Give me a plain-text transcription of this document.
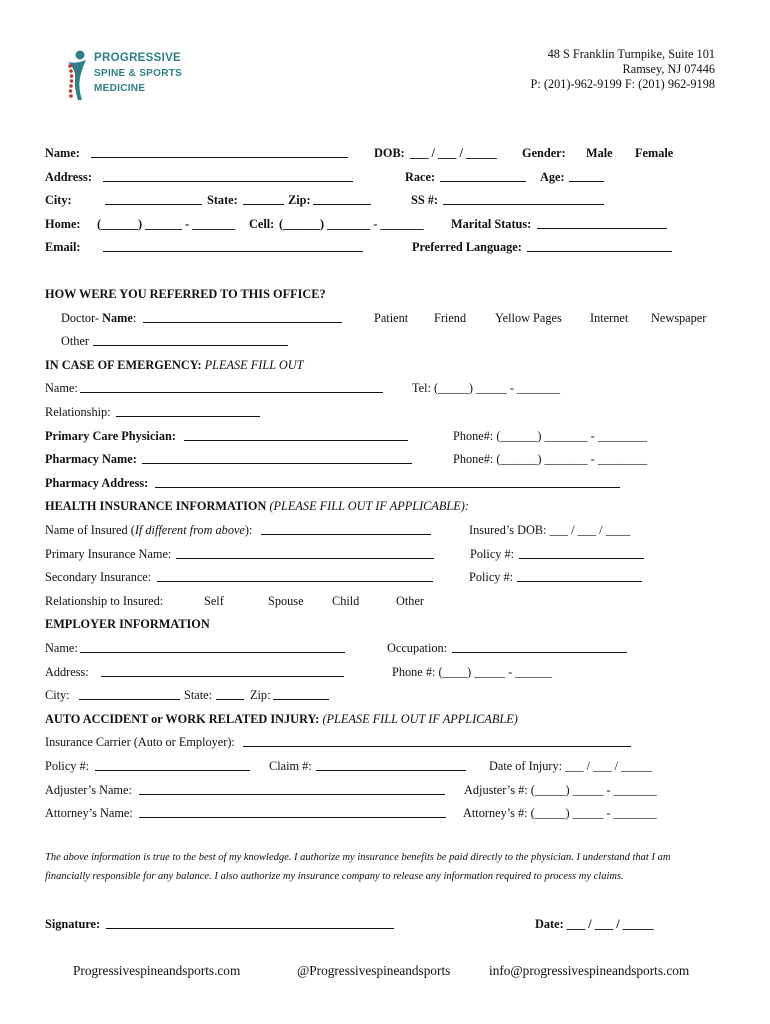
PROGRESSIVE
SPINE & SPORTS
MEDICINE
48 S Franklin Turnpike, Suite 101
Ramsey, NJ 07446
P: (201)-962-9199 F: (201) 962-9198
Name:	DOB: ___ / ___ / _____ Gender: Male Female
Address:	Race:	Age:
City:	State:	Zip:	SS #:
Home: (______) ______ - _______ Cell: (______) _______ - _______ Marital Status:
Email:	Preferred Language:
HOW WERE YOU REFERRED TO THIS OFFICE?
Doctor- Name:	Patient Friend Yellow Pages Internet Newspaper
Other
IN CASE OF EMERGENCY: PLEASE FILL OUT
Name:	Tel: (_____) _____ - _______
Relationship:
Primary Care Physician:	Phone#: (______) _______ - ________
Pharmacy Name:	Phone#: (______) _______ - ________
Pharmacy Address:
HEALTH INSURANCE INFORMATION (PLEASE FILL OUT IF APPLICABLE):
Name of Insured (If different from above):	Insured’s DOB: ___ / ___ / ____
Primary Insurance Name:	Policy #:
Secondary Insurance:	Policy #:
Relationship to Insured:	Self	Spouse Child	Other
EMPLOYER INFORMATION
Name:	Occupation:
Address:	Phone #: (____) _____ - ______
City:	State:	Zip:
AUTO ACCIDENT or WORK RELATED INJURY: (PLEASE FILL OUT IF APPLICABLE)
Insurance Carrier (Auto or Employer):
Policy #:	Claim #:	Date of Injury: ___ / ___ / _____
Adjuster’s Name:	Adjuster’s #: (_____) _____ - _______
Attorney’s Name:	Attorney’s #: (_____) _____ - _______
The above information is true to the best of my knowledge. I authorize my insurance benefits be paid directly to the physician. I understand that I am
financially responsible for any balance. I also authorize my insurance company to release any information required to process my claims.
Signature:	Date: ___ / ___ / _____
Progressivespineandsports.com	@Progressivespineandsports	info@progressivespineandsports.com
